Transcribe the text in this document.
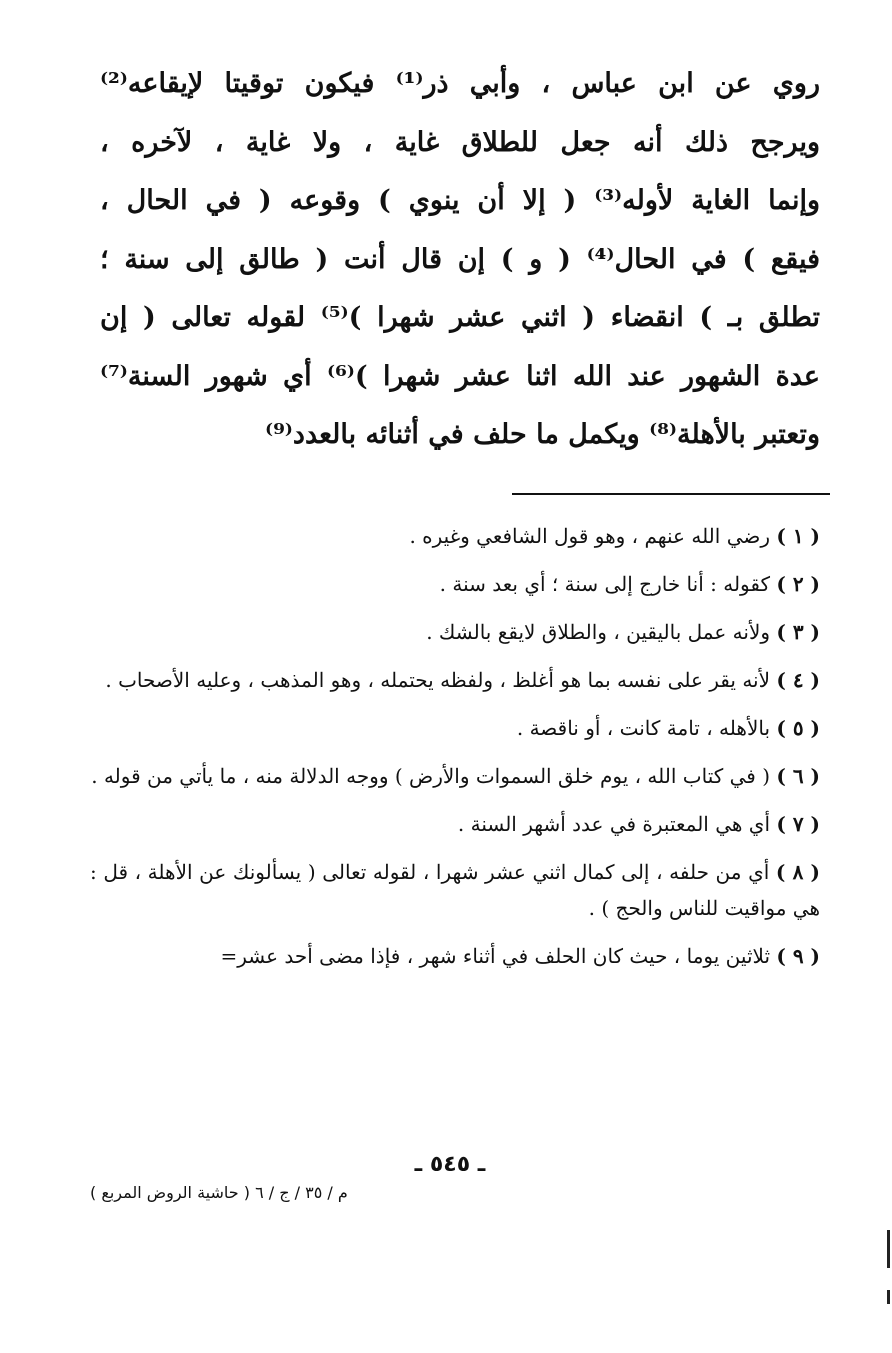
روي عن ابن عباس ، وأبي ذر⁽¹⁾ فيكون توقيتا لإيقاعه⁽²⁾
ويرجح ذلك أنه جعل للطلاق غاية ، ولا غاية ، لآخره ،
وإنما الغاية لأوله⁽³⁾ ( إلا أن ينوي ) وقوعه ( في الحال ،
فيقع ) في الحال⁽⁴⁾ ( و ) إن قال أنت ( طالق إلى سنة ؛
تطلق بـ ) انقضاء ( اثني عشر شهرا )⁽⁵⁾ لقوله تعالى ( إن
عدة الشهور عند الله اثنا عشر شهرا )⁽⁶⁾ أي شهور السنة⁽⁷⁾
وتعتبر بالأهلة⁽⁸⁾ ويكمل ما حلف في أثنائه بالعدد⁽⁹⁾
( ١ ) رضي الله عنهم ، وهو قول الشافعي وغيره .
( ٢ ) كقوله : أنا خارج إلى سنة ؛ أي بعد سنة .
( ٣ ) ولأنه عمل باليقين ، والطلاق لايقع بالشك .
( ٤ ) لأنه يقر على نفسه بما هو أغلظ ، ولفظه يحتمله ، وهو المذهب ، وعليه الأصحاب .
( ٥ ) بالأهله ، تامة كانت ، أو ناقصة .
( ٦ ) ( في كتاب الله ، يوم خلق السموات والأرض ) ووجه الدلالة منه ، ما يأتي من قوله .
( ٧ ) أي هي المعتبرة في عدد أشهر السنة .
( ٨ ) أي من حلفه ، إلى كمال اثني عشر شهرا ، لقوله تعالى ( يسألونك عن الأهلة ، قل : هي مواقيت للناس والحج ) .
( ٩ ) ثلاثين يوما ، حيث كان الحلف في أثناء شهر ، فإذا مضى أحد عشر=
ـ ٥٤٥ ـ
م / ٣٥ / ج / ٦ ( حاشية الروض المربع )
